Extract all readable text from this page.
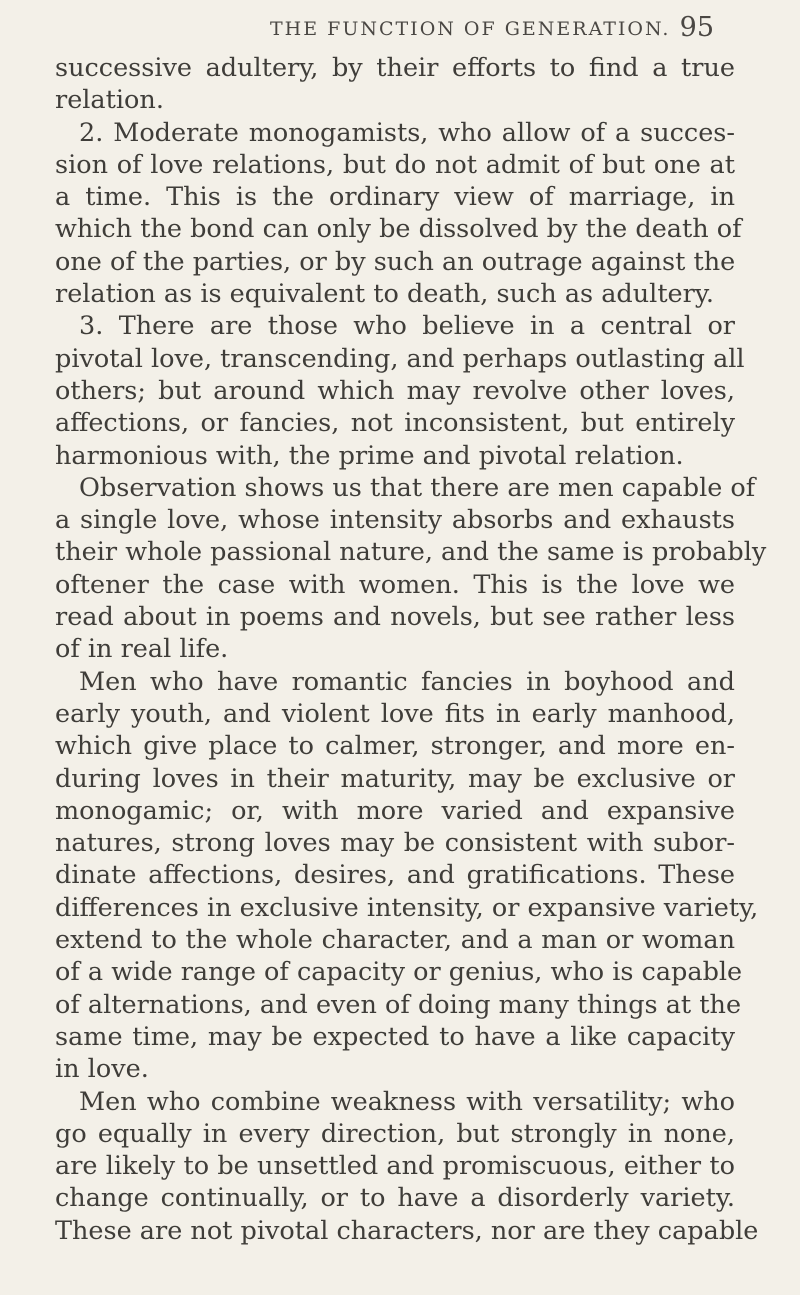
THE FUNCTION OF GENERATION. 95
successive adultery, by their efforts to find a true
relation.
2. Moderate monogamists, who allow of a succes-
sion of love relations, but do not admit of but one at
a time. This is the ordinary view of marriage, in
which the bond can only be dissolved by the death of
one of the parties, or by such an outrage against the
relation as is equivalent to death, such as adultery.
3. There are those who believe in a central or
pivotal love, transcending, and perhaps outlasting all
others; but around which may revolve other loves,
affections, or fancies, not inconsistent, but entirely
harmonious with, the prime and pivotal relation.
Observation shows us that there are men capable of
a single love, whose intensity absorbs and exhausts
their whole passional nature, and the same is probably
oftener the case with women. This is the love we
read about in poems and novels, but see rather less
of in real life.
Men who have romantic fancies in boyhood and
early youth, and violent love fits in early manhood,
which give place to calmer, stronger, and more en-
during loves in their maturity, may be exclusive or
monogamic; or, with more varied and expansive
natures, strong loves may be consistent with subor-
dinate affections, desires, and gratifications. These
differences in exclusive intensity, or expansive variety,
extend to the whole character, and a man or woman
of a wide range of capacity or genius, who is capable
of alternations, and even of doing many things at the
same time, may be expected to have a like capacity
in love.
Men who combine weakness with versatility; who
go equally in every direction, but strongly in none,
are likely to be unsettled and promiscuous, either to
change continually, or to have a disorderly variety.
These are not pivotal characters, nor are they capable
